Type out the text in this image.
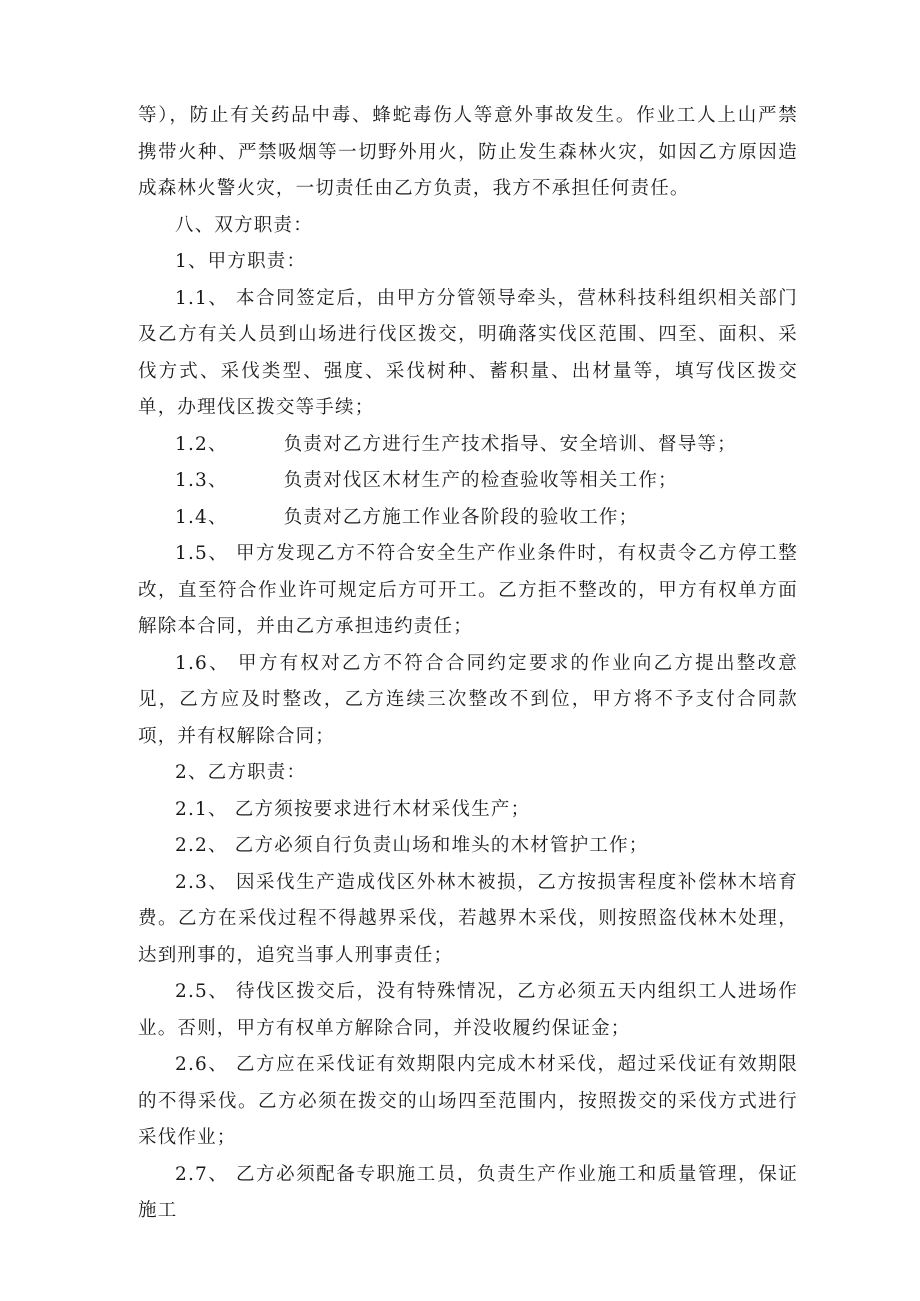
等），防止有关药品中毒、蜂蛇毒伤人等意外事故发生。作业工人上山严禁携带火种、严禁吸烟等一切野外用火，防止发生森林火灾，如因乙方原因造成森林火警火灾，一切责任由乙方负责，我方不承担任何责任。

八、双方职责：

1、甲方职责：

1.1、 本合同签定后，由甲方分管领导牵头，营林科技科组织相关部门及乙方有关人员到山场进行伐区拨交，明确落实伐区范围、四至、面积、采伐方式、采伐类型、强度、采伐树种、蓄积量、出材量等，填写伐区拨交单，办理伐区拨交等手续；

1.2、	负责对乙方进行生产技术指导、安全培训、督导等；

1.3、	负责对伐区木材生产的检查验收等相关工作；

1.4、	负责对乙方施工作业各阶段的验收工作；

1.5、 甲方发现乙方不符合安全生产作业条件时，有权责令乙方停工整改，直至符合作业许可规定后方可开工。乙方拒不整改的，甲方有权单方面解除本合同，并由乙方承担违约责任；

1.6、 甲方有权对乙方不符合合同约定要求的作业向乙方提出整改意见，乙方应及时整改，乙方连续三次整改不到位，甲方将不予支付合同款项，并有权解除合同；

2、乙方职责：

2.1、 乙方须按要求进行木材采伐生产；

2.2、 乙方必须自行负责山场和堆头的木材管护工作；

2.3、 因采伐生产造成伐区外林木被损，乙方按损害程度补偿林木培育费。乙方在采伐过程不得越界采伐，若越界木采伐，则按照盗伐林木处理，达到刑事的，追究当事人刑事责任；

2.5、 待伐区拨交后，没有特殊情况，乙方必须五天内组织工人进场作业。否则，甲方有权单方解除合同，并没收履约保证金；

2.6、 乙方应在采伐证有效期限内完成木材采伐，超过采伐证有效期限的不得采伐。乙方必须在拨交的山场四至范围内，按照拨交的采伐方式进行采伐作业；

2.7、 乙方必须配备专职施工员，负责生产作业施工和质量管理，保证施工
